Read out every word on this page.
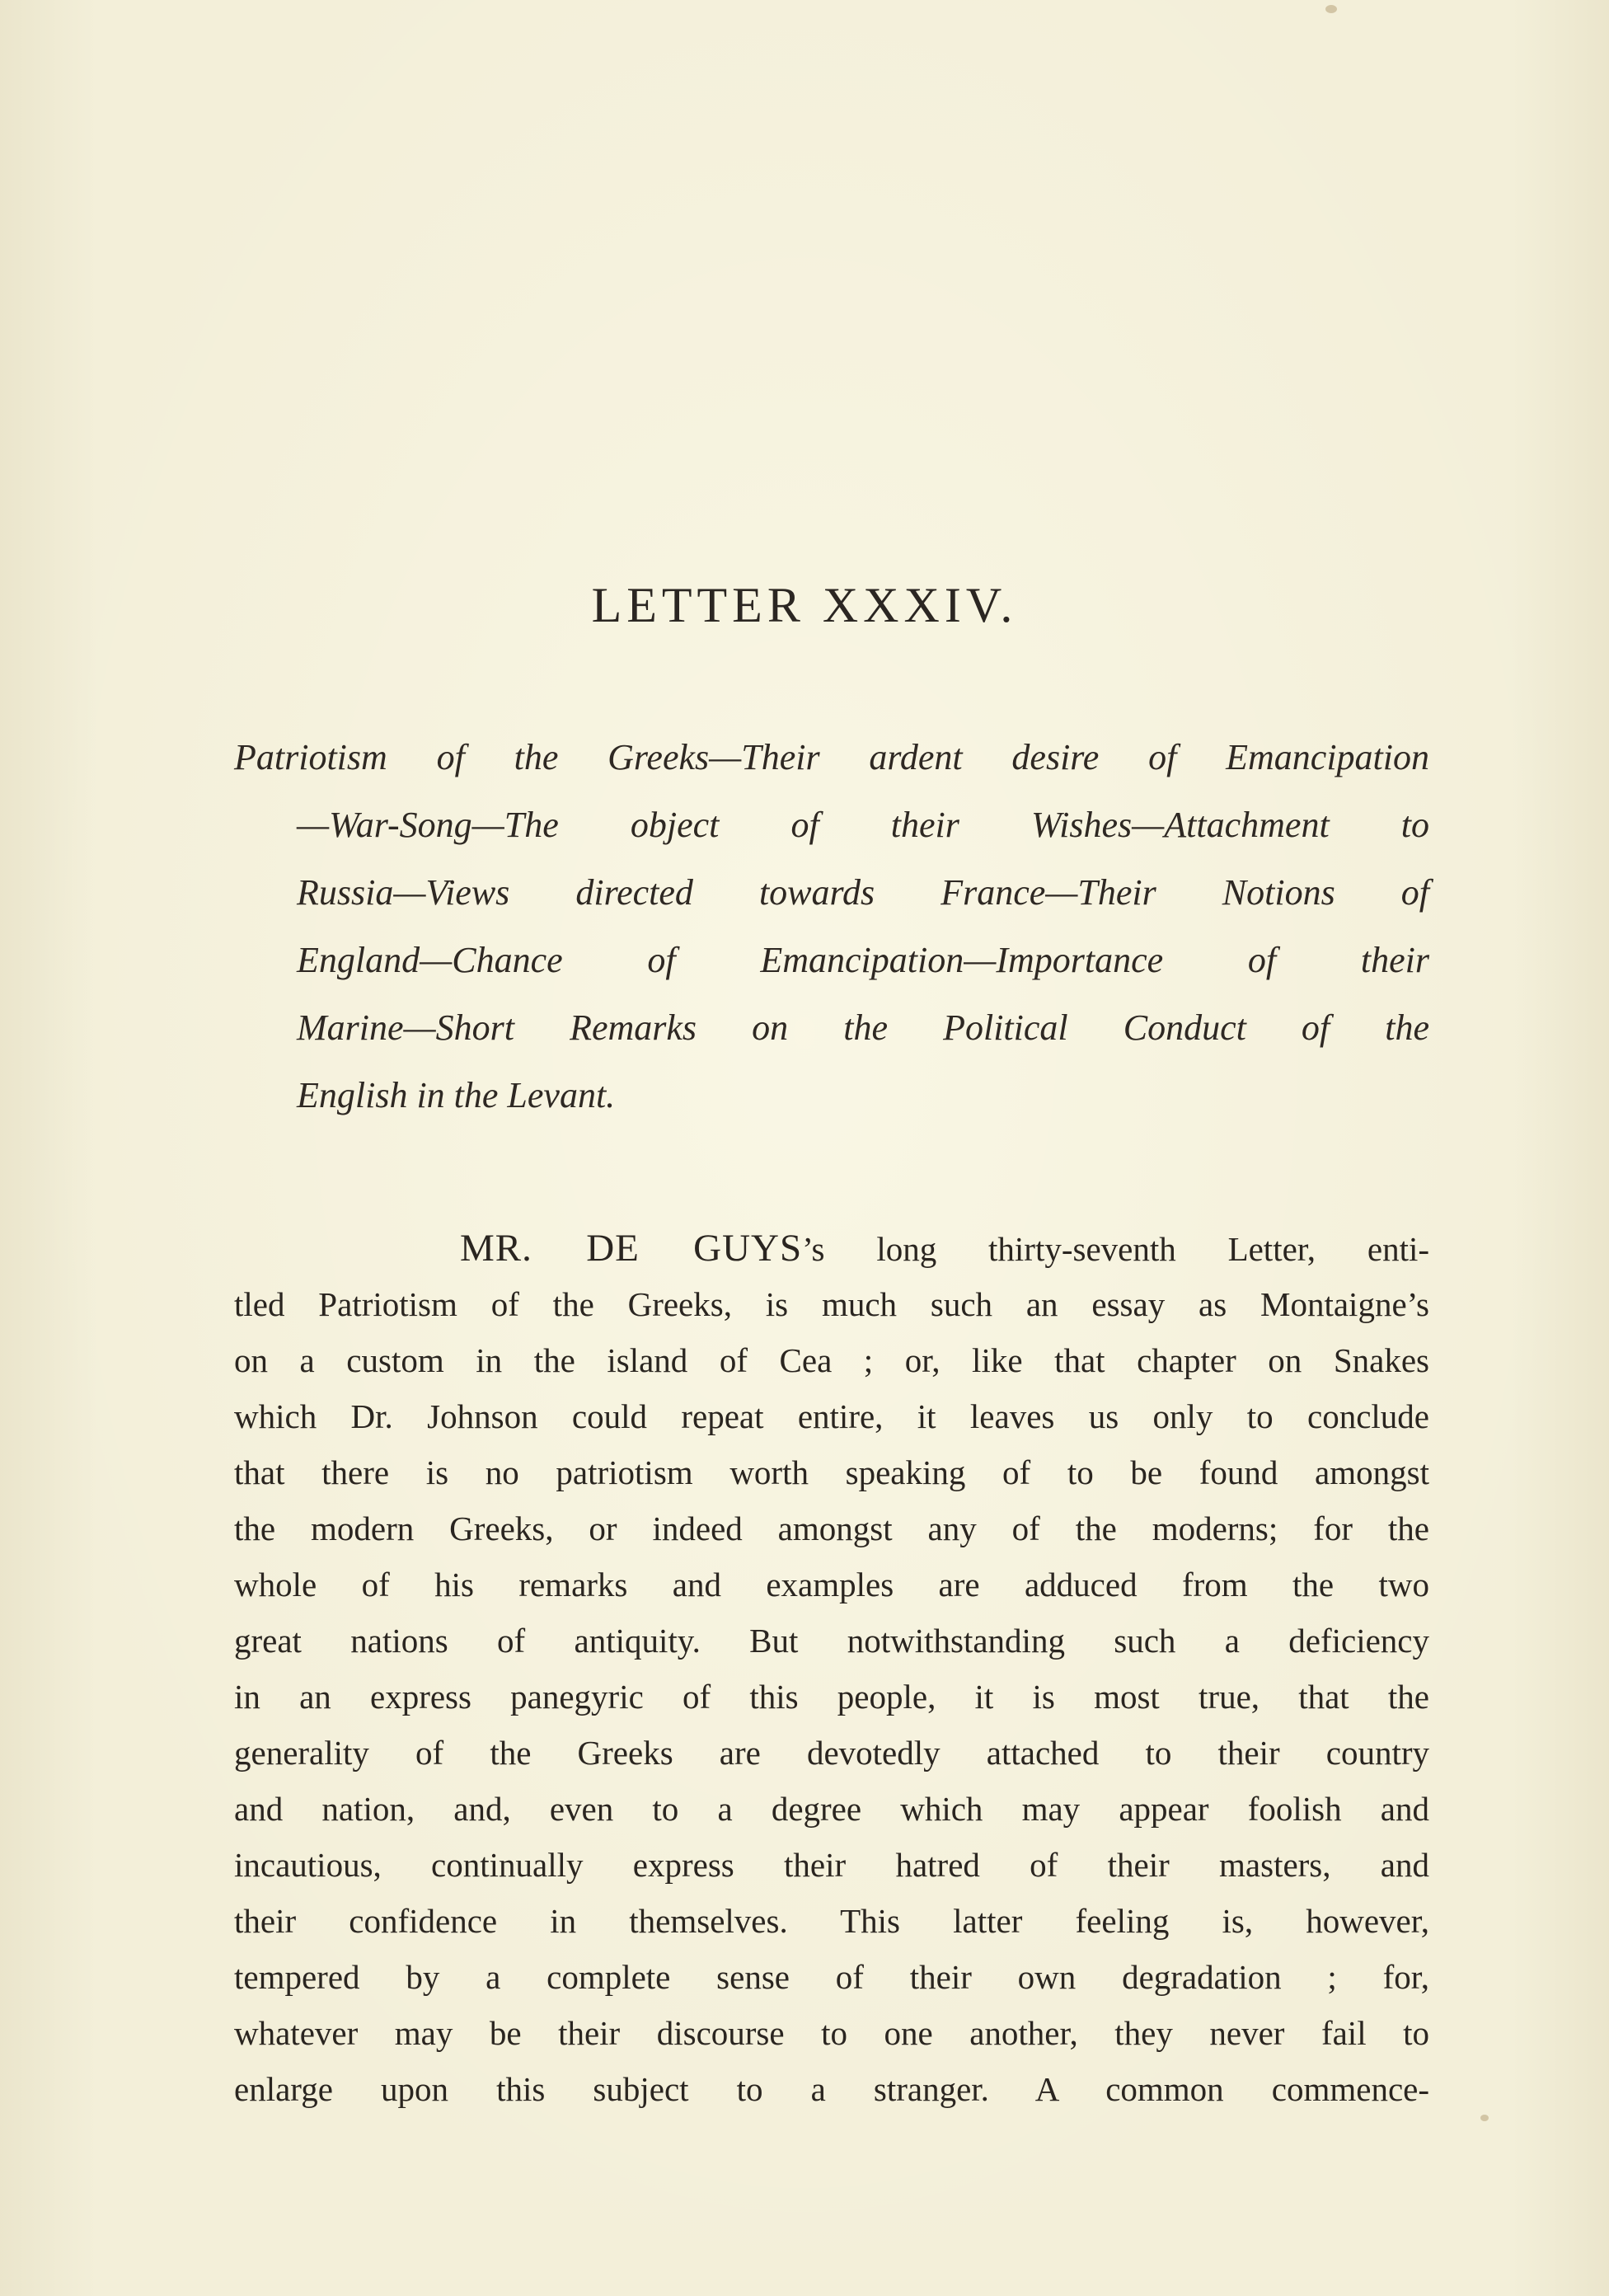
LETTER XXXIV.
Patriotism of the Greeks—Their ardent desire of Emancipation
—War-Song—The object of their Wishes—Attachment to
Russia—Views directed towards France—Their Notions of
England—Chance of Emancipation—Importance of their
Marine—Short Remarks on the Political Conduct of the
English in the Levant.
MR. DE GUYS’s long thirty-seventh Letter, enti-
tled Patriotism of the Greeks, is much such an essay as Montaigne’s
on a custom in the island of Cea ; or, like that chapter on Snakes
which Dr. Johnson could repeat entire, it leaves us only to conclude
that there is no patriotism worth speaking of to be found amongst
the modern Greeks, or indeed amongst any of the moderns; for the
whole of his remarks and examples are adduced from the two
great nations of antiquity. But notwithstanding such a deficiency
in an express panegyric of this people, it is most true, that the
generality of the Greeks are devotedly attached to their country
and nation, and, even to a degree which may appear foolish and
incautious, continually express their hatred of their masters, and
their confidence in themselves. This latter feeling is, however,
tempered by a complete sense of their own degradation ; for,
whatever may be their discourse to one another, they never fail to
enlarge upon this subject to a stranger. A common commence-
